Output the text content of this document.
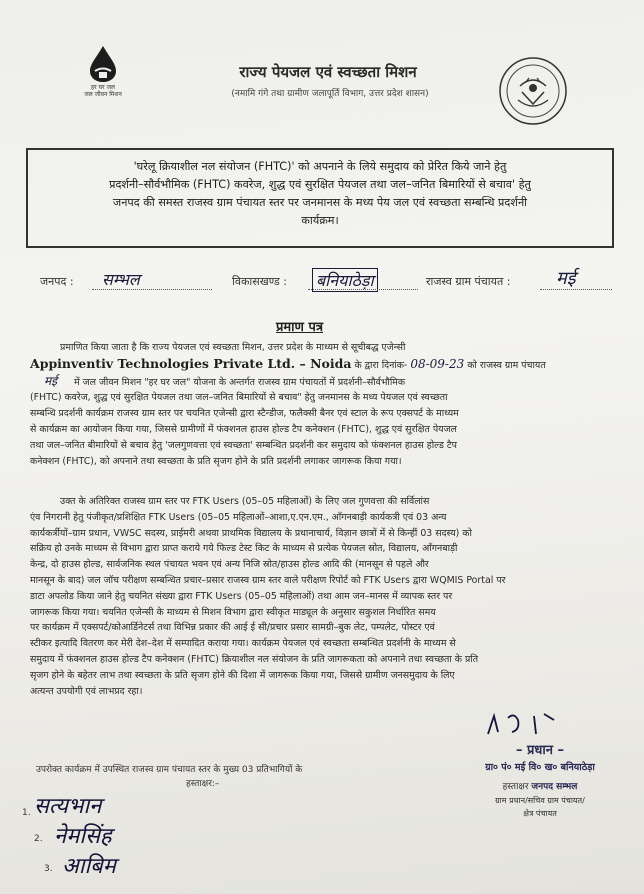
हर घर जल
जल जीवन मिशन
राज्य पेयजल एवं स्वच्छता मिशन
(नमामि गंगे तथा ग्रामीण जलापूर्ति विभाग, उत्तर प्रदेश शासन)
'घरेलू क्रियाशील नल संयोजन (FHTC)' को अपनाने के लिये समुदाय को प्रेरित किये जाने हेतु
प्रदर्शनी–सौर्वभौमिक (FHTC) कवरेज, शुद्ध एवं सुरक्षित पेयजल तथा जल–जनित बिमारियों से बचाव' हेतु
जनपद की समस्त राजस्व ग्राम पंचायत स्तर पर जनमानस के मध्य पेय जल एवं स्वच्छता सम्बन्धि प्रदर्शनी
कार्यक्रम।
जनपद : सम्भल	विकासखण्ड : बनियाठेड़ा	राजस्व ग्राम पंचायत :	मई
प्रमाण पत्र
प्रमाणित किया जाता है कि राज्य पेयजल एवं स्वच्छता मिशन, उत्तर प्रदेश के माध्यम से सूचीबद्ध एजेन्सी
Appinventiv Technologies Private Ltd. – Noida के द्वारा दिनांक- 08-09-23 को राजस्व ग्राम पंचायत
मई में जल जीवन मिशन "हर घर जल" योजना के अन्तर्गत राजस्व ग्राम पंचायतों में प्रदर्शनी–सौर्वभौमिक
(FHTC) कवरेज, शुद्ध एवं सुरक्षित पेयजल तथा जल–जनित बिमारियों से बचाव" हेतु जनमानस के मध्य पेयजल एवं स्वच्छता
सम्बन्धि प्रदर्शनी कार्यक्रम राजस्व ग्राम स्तर पर चयनित एजेन्सी द्वारा स्टैन्डीज, फलैक्सी बैनर एवं स्टाल के रूप एक्सपर्ट के माध्यम
से कार्यक्रम का आयोजन किया गया, जिससे ग्रामीणों में फंक्शनल हाउस होल्ड टैप कनेक्शन (FHTC), शुद्ध एवं सुरक्षित पेयजल
तथा जल–जनित बीमारियों से बचाव हेतु 'जलगुणवत्ता एवं स्वच्छता' सम्बन्धित प्रदर्शनी कर समुदाय को फंक्शनल हाउस होल्ड टैप
कनेक्शन (FHTC), को अपनाने तथा स्वच्छता के प्रति सृजग होने के प्रति प्रदर्शनी लगाकर जागरूक किया गया।
उक्त के अतिरिक्त राजस्व ग्राम स्तर पर FTK Users (05–05 महिलाओं) के लिए जल गुणवत्ता की सर्विलांस
एंव निगरानी हेतु पंजीकृत/प्रशिक्षित FTK Users (05–05 महिलाओं–आशा,ए.एन.एम., आँगनबाड़ी कार्यकत्री एवं 03 अन्य
कार्यकर्त्रीयों–ग्राम प्रधान, VWSC सदस्य, प्राईमरी अथवा प्राथमिक विद्यालय के प्रधानाचार्य, विज्ञान छात्रों में से किन्हीं 03 सदस्य) को
सक्रिय हो उनके माध्यम से विभाग द्वारा प्राप्त कराये गये फिल्ड टेस्ट किट के माध्यम से प्रत्येक पेयजल स्रोत, विद्यालय, आँगनबाड़ी
केन्द्र, दो हाउस होल्ड, सार्वजनिक स्थल पंचायत भवन एवं अन्य निजि स्रोत/हाउस होल्ड आदि की (मानसून से पहले और
मानसून के बाद) जल जॉच परीक्षण सम्बन्धित प्रचार–प्रसार राजस्व ग्राम स्तर वाले परीक्षण रिपोर्ट को FTK Users द्वारा WQMIS Portal पर
डाटा अपलोड किया जाने हेतु चयनित संख्या द्वारा FTK Users (05–05 महिलाओं) तथा आम जन–मानस में व्यापक स्तर पर
जागरूक किया गया। चयनित एजेन्सी के माध्यम से मिशन विभाग द्वारा स्वीकृत माड्यूल के अनुसार सकुशल निर्धारित समय
पर कार्यक्रम में एक्सपर्ट/कोआर्डिनेटर्स तथा विभिन्न प्रकार की आई ई सी/प्रचार प्रसार सामग्री–बुक लेट, पम्पलेट, पोस्टर एवं
स्टीकर इत्यादि वितरण कर मेरी देश–देश में सम्पादित कराया गया। कार्यक्रम पेयजल एवं स्वच्छता सम्बन्धित प्रदर्शनी के माध्यम से
समुदाय में फंक्शनल हाउस होल्ड टैप कनेक्शन (FHTC) क्रियाशील नल संयोजन के प्रति जागरूकता को अपनाने तथा स्वच्छता के प्रति
सृजग होने के बहेतर लाभ तथा स्वच्छता के प्रति सृजग होने की दिशा में जागरूक किया गया, जिससे ग्रामीण जनसमुदाय के लिए
अत्यन्त उपयोगी एवं लाभप्रद रहा।
उपरोक्त कार्यक्रम में उपस्थित राजस्व ग्राम पंचायत स्तर के मुख्य 03 प्रतिभागियों के
हस्ताक्षर:–
1. सत्यभान
2. नेमसिंह
3. आबिम
– प्रधान –
ग्रा० पं० मई वि० ख० बनियाठेड़ा
हस्ताक्षर जनपद सम्भल
ग्राम प्रधान/सचिव ग्राम पंचायत/
क्षेत्र पंचायत
